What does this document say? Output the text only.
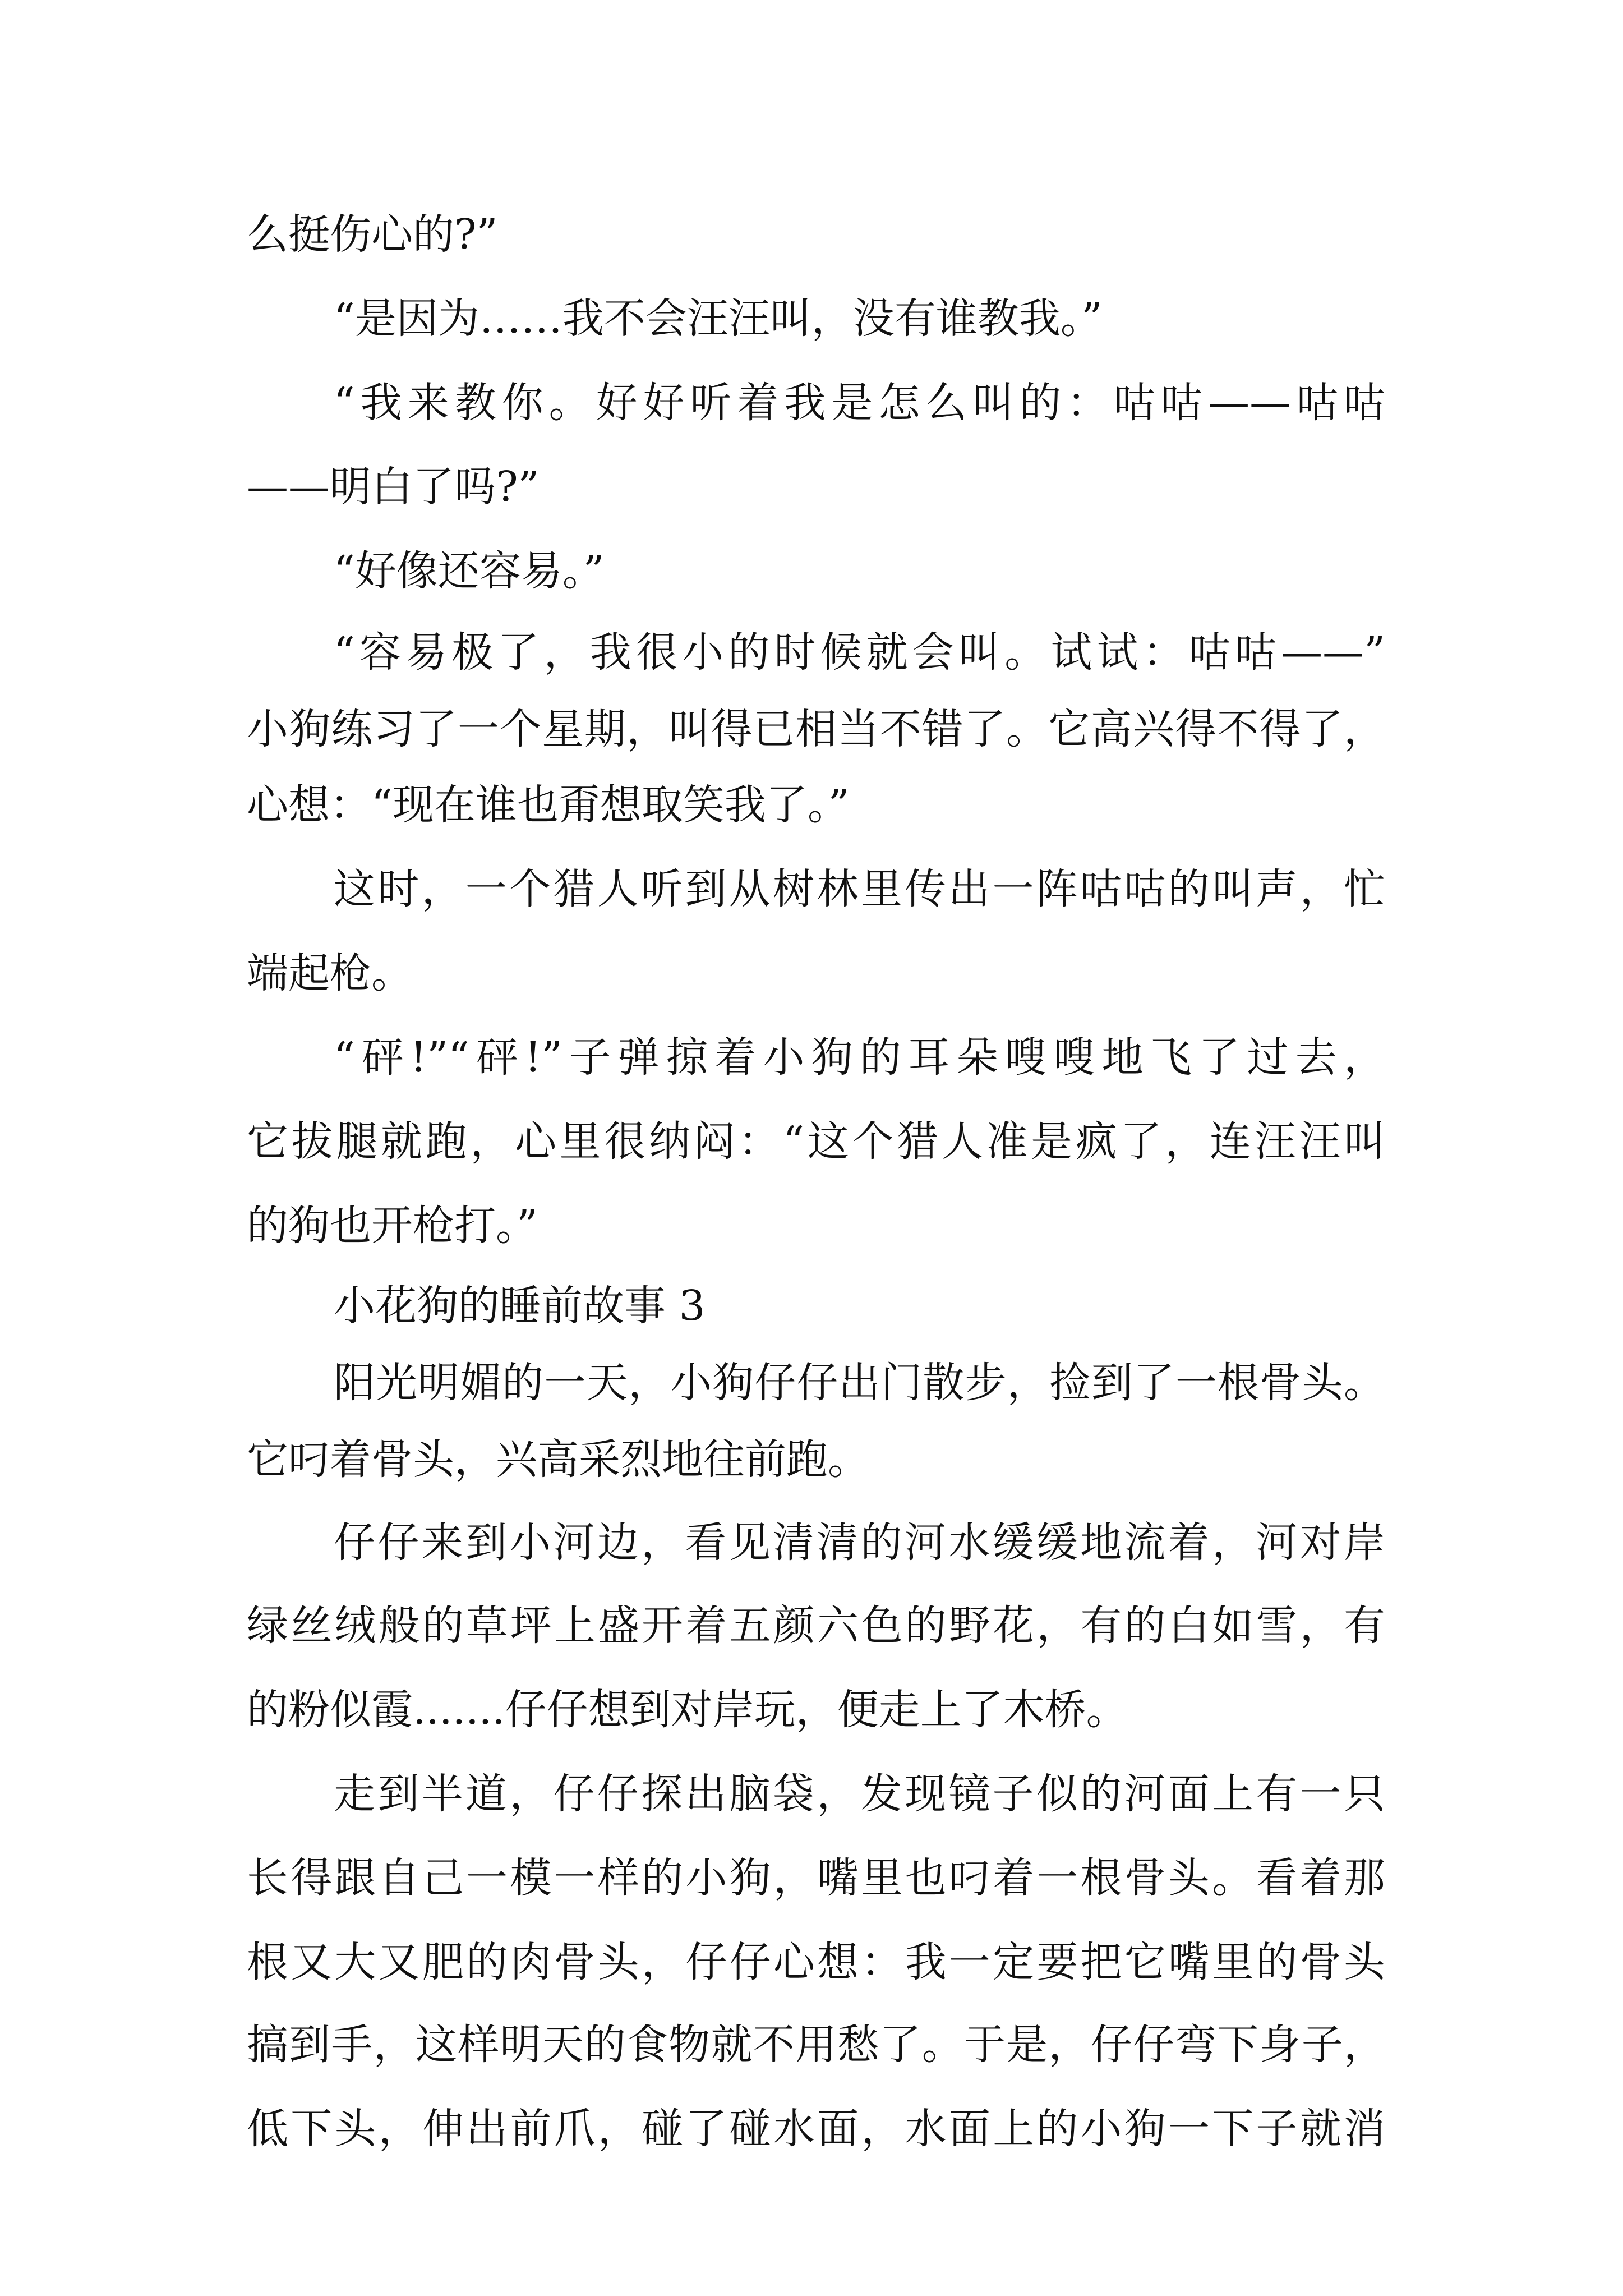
么挺伤心的?”

“是因为……我不会汪汪叫，没有谁教我。”

“我来教你。好好听着我是怎么叫的：咕咕——咕咕

——明白了吗?”

“好像还容易。”

“容易极了，我很小的时候就会叫。试试：咕咕——”

小狗练习了一个星期，叫得已相当不错了。它高兴得不得了，

心想：“现在谁也甭想取笑我了。”

这时，一个猎人听到从树林里传出一阵咕咕的叫声，忙

端起枪。

“砰!”“砰!”子弹掠着小狗的耳朵嗖嗖地飞了过去，

它拔腿就跑，心里很纳闷：“这个猎人准是疯了，连汪汪叫

的狗也开枪打。”

小花狗的睡前故事 3

阳光明媚的一天，小狗仔仔出门散步，捡到了一根骨头。

它叼着骨头，兴高采烈地往前跑。

仔仔来到小河边，看见清清的河水缓缓地流着，河对岸

绿丝绒般的草坪上盛开着五颜六色的野花，有的白如雪，有

的粉似霞.......仔仔想到对岸玩，便走上了木桥。

走到半道，仔仔探出脑袋，发现镜子似的河面上有一只

长得跟自己一模一样的小狗，嘴里也叼着一根骨头。看着那

根又大又肥的肉骨头，仔仔心想：我一定要把它嘴里的骨头

搞到手，这样明天的食物就不用愁了。于是，仔仔弯下身子，

低下头，伸出前爪，碰了碰水面，水面上的小狗一下子就消
